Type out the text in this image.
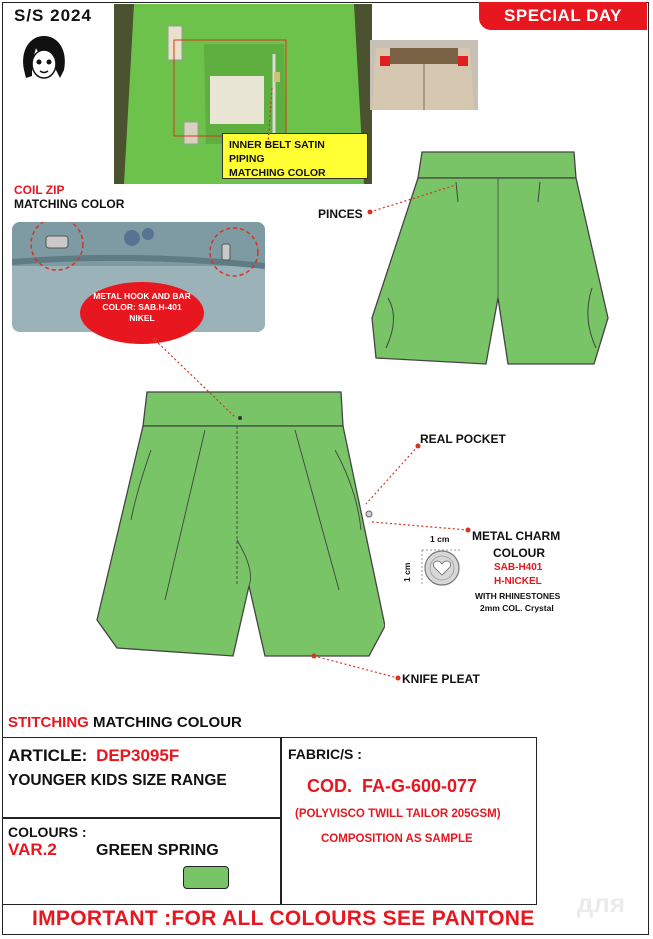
S/S 2024	SPECIAL DAY
INNER BELT SATIN PIPING
MATCHING COLOR
COIL ZIP
MATCHING COLOR
METAL HOOK AND BAR
COLOR: SAB.H-401
NIKEL
PINCES
REAL POCKET
METAL CHARM
COLOUR
SAB-H401
H-NICKEL
WITH RHINESTONES
2mm COL. Crystal
1 cm
1 cm
KNIFE PLEAT
STITCHING MATCHING COLOUR
ARTICLE: DEP3095F
YOUNGER KIDS SIZE RANGE
FABRIC/S :
COD.  FA-G-600-077
(POLYVISCO TWILL TAILOR 205GSM)
COMPOSITION AS SAMPLE
COLOURS :
VAR.2 GREEN SPRING
IMPORTANT :FOR ALL COLOURS SEE PANTONE
для
